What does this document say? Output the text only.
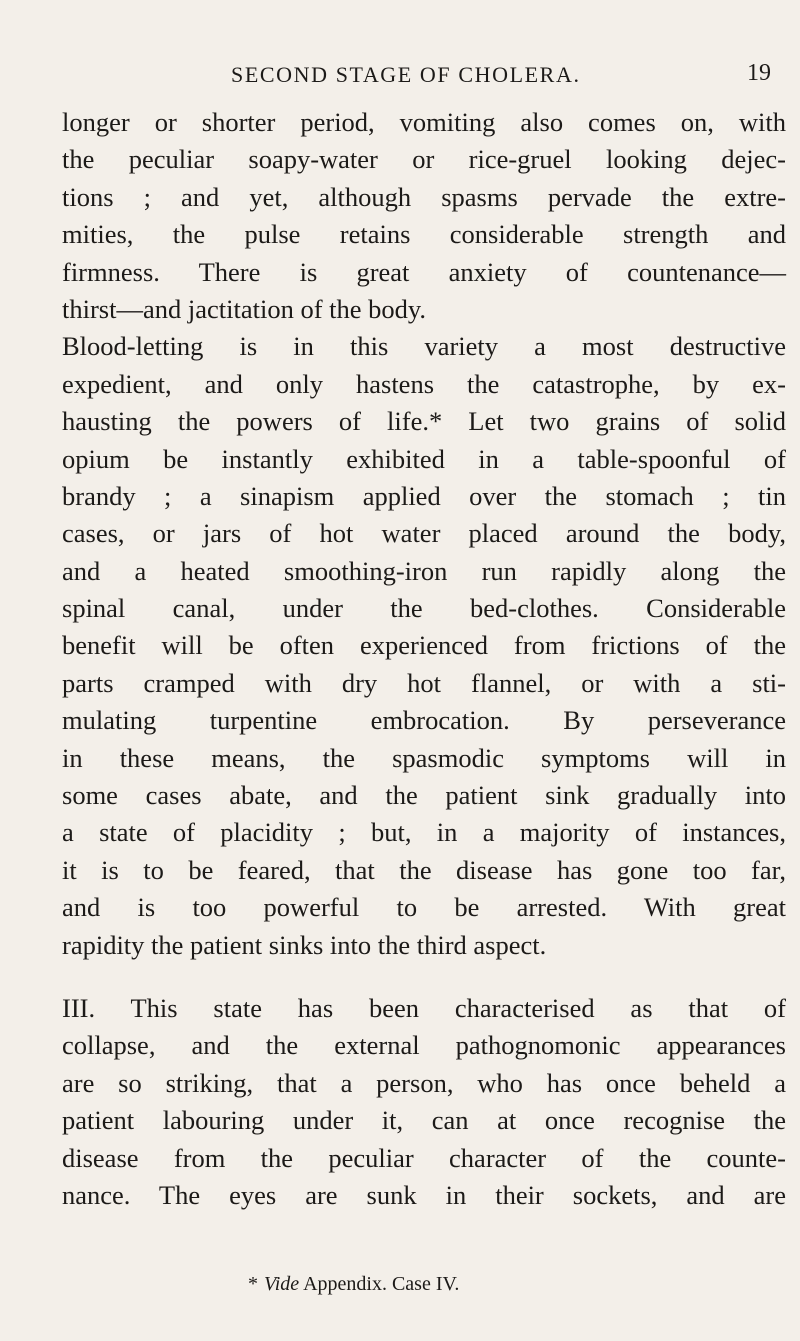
SECOND STAGE OF CHOLERA.	19
longer or shorter period, vomiting also comes on, with
the peculiar soapy-water or rice-gruel looking dejec-
tions ; and yet, although spasms pervade the extre-
mities, the pulse retains considerable strength and
firmness. There is great anxiety of countenance—
thirst—and jactitation of the body.
Blood-letting is in this variety a most destructive
expedient, and only hastens the catastrophe, by ex-
hausting the powers of life.* Let two grains of solid
opium be instantly exhibited in a table-spoonful of
brandy ; a sinapism applied over the stomach ; tin
cases, or jars of hot water placed around the body,
and a heated smoothing-iron run rapidly along the
spinal canal, under the bed-clothes. Considerable
benefit will be often experienced from frictions of the
parts cramped with dry hot flannel, or with a sti-
mulating turpentine embrocation. By perseverance
in these means, the spasmodic symptoms will in
some cases abate, and the patient sink gradually into
a state of placidity ; but, in a majority of instances,
it is to be feared, that the disease has gone too far,
and is too powerful to be arrested. With great
rapidity the patient sinks into the third aspect.
III. This state has been characterised as that of
collapse, and the external pathognomonic appearances
are so striking, that a person, who has once beheld a
patient labouring under it, can at once recognise the
disease from the peculiar character of the counte-
nance. The eyes are sunk in their sockets, and are
* Vide Appendix. Case IV.
